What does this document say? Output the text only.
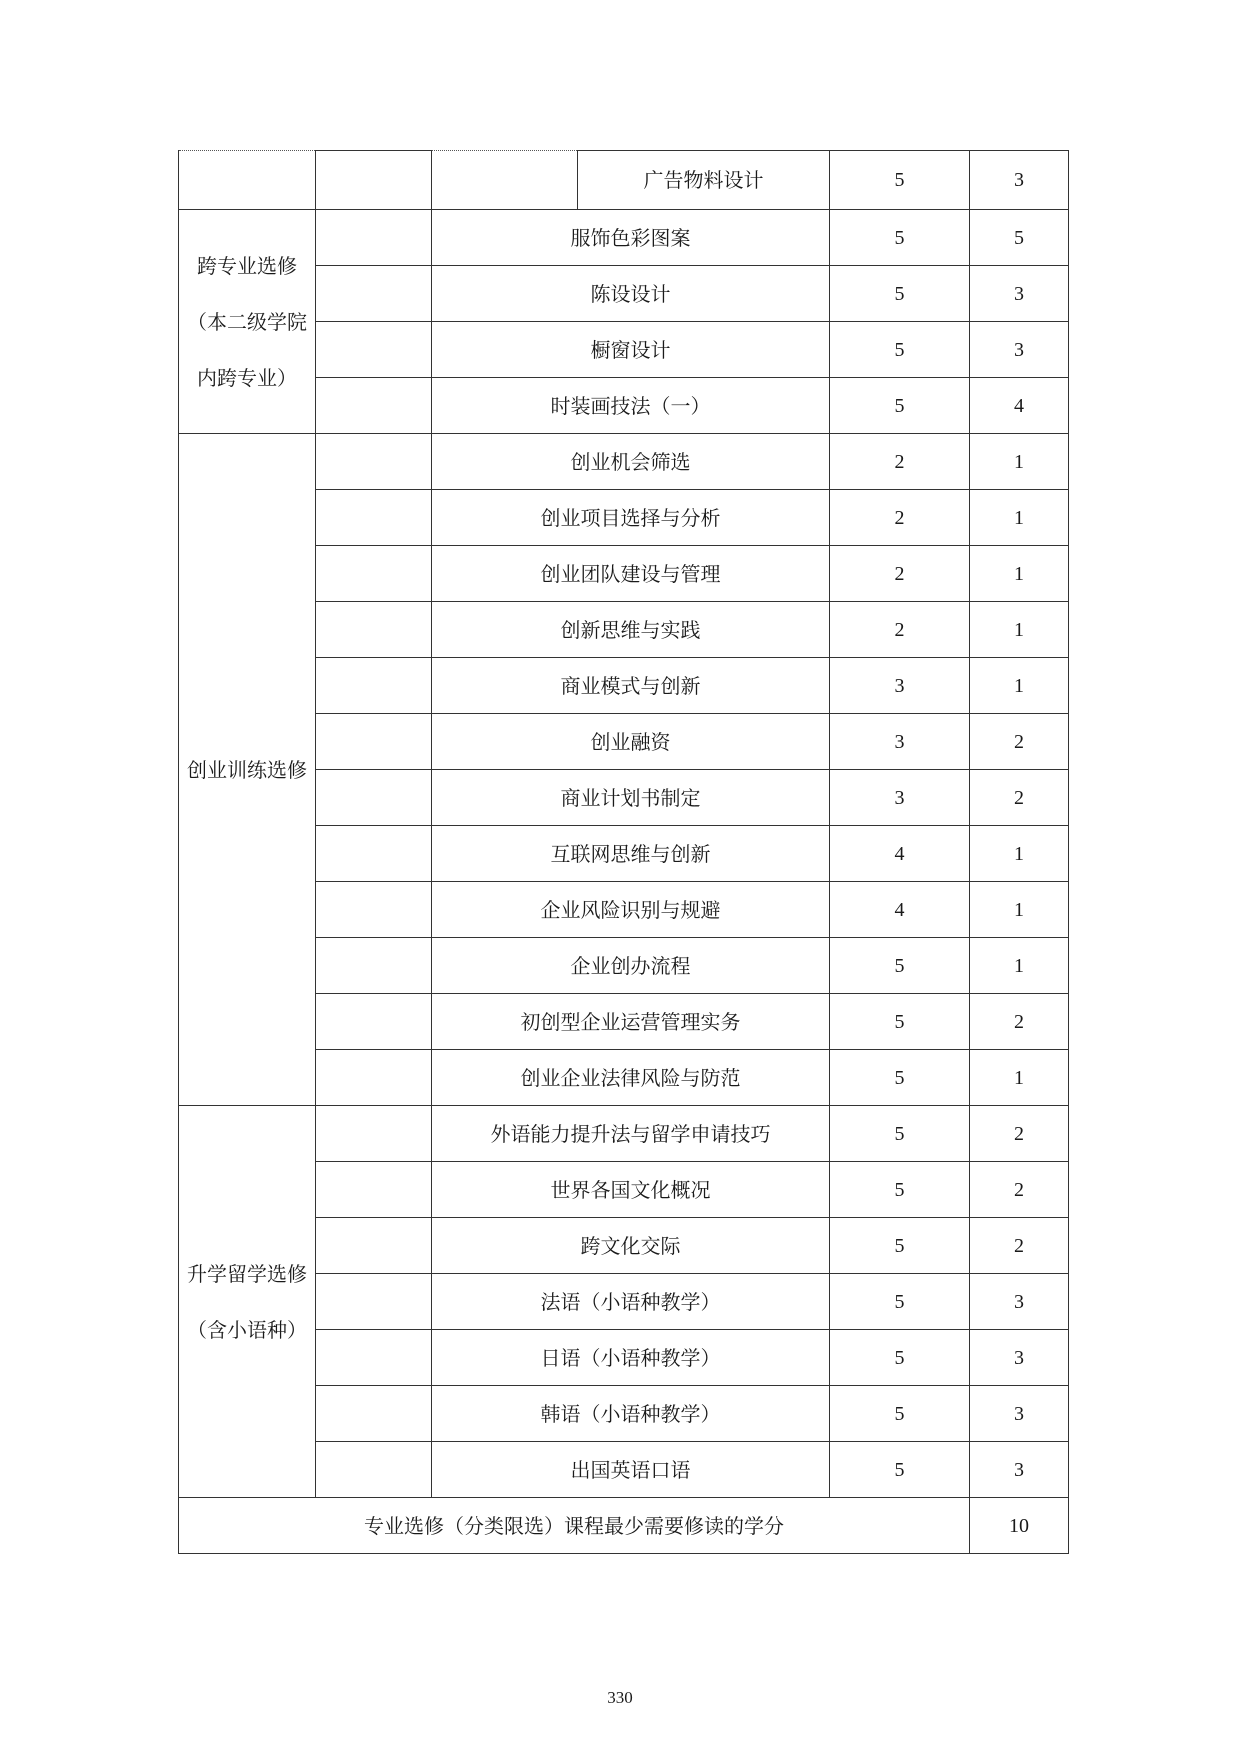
			广告物料设计	5	3

跨专业选修
（本二级学院
内跨专业）		服饰色彩图案		5	5
		陈设设计		5	3
		橱窗设计		5	3
		时装画技法（一）		5	4

创业训练选修		创业机会筛选		2	1
		创业项目选择与分析		2	1
		创业团队建设与管理		2	1
		创新思维与实践		2	1
		商业模式与创新		3	1
		创业融资		3	2
		商业计划书制定		3	2
		互联网思维与创新		4	1
		企业风险识别与规避		4	1
		企业创办流程		5	1
		初创型企业运营管理实务		5	2
		创业企业法律风险与防范		5	1

升学留学选修
（含小语种）		外语能力提升法与留学申请技巧		5	2
		世界各国文化概况		5	2
		跨文化交际		5	2
		法语（小语种教学）		5	3
		日语（小语种教学）		5	3
		韩语（小语种教学）		5	3
		出国英语口语		5	3
专业选修（分类限选）课程最少需要修读的学分					10
330
